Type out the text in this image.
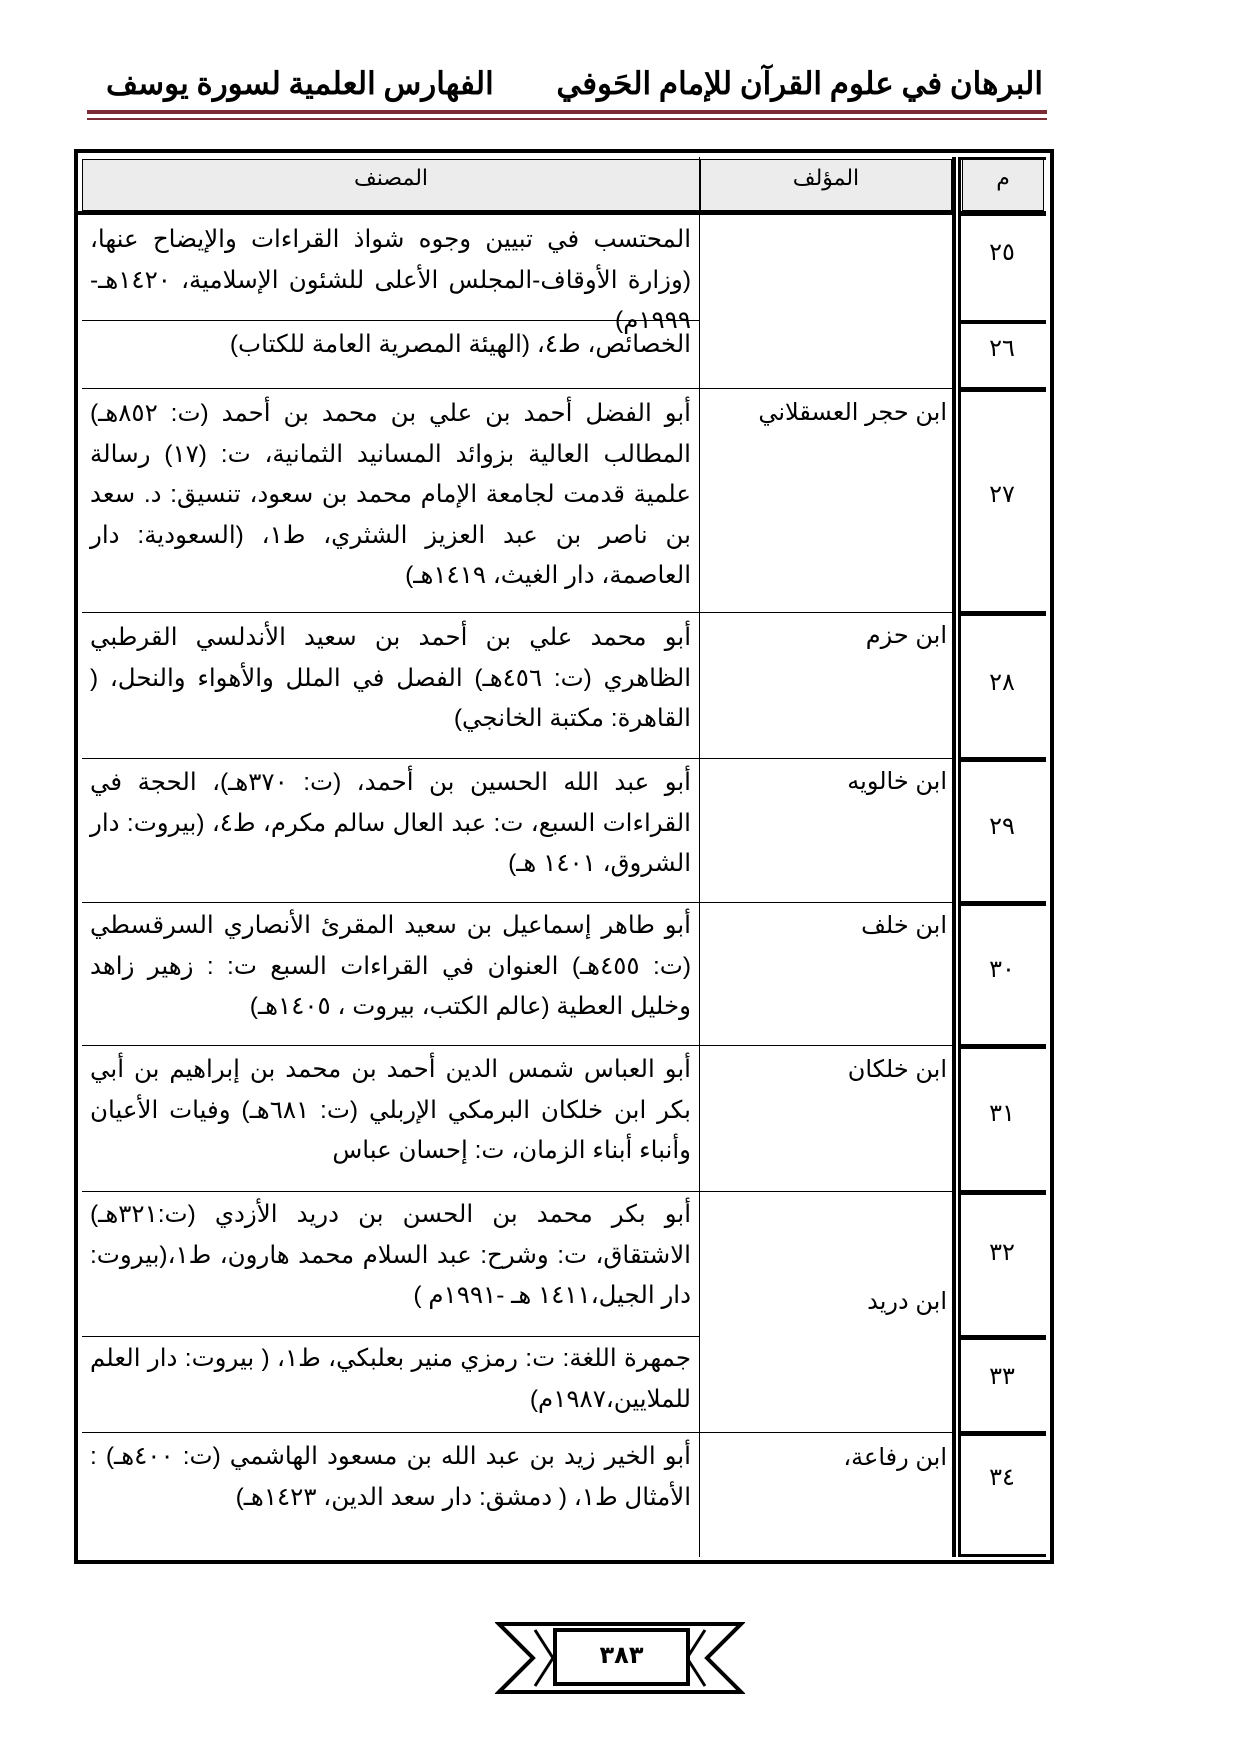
البرهان في علوم القرآن للإمام الحَوفي
الفهارس العلمية لسورة يوسف
م
المؤلف
المصنف
٢٥
المحتسب في تبيين وجوه شواذ القراءات والإيضاح عنها، (وزارة الأوقاف-المجلس الأعلى للشئون الإسلامية، ١٤٢٠هـ- ١٩٩٩م)
٢٦
الخصائص، ط٤، (الهيئة المصرية العامة للكتاب)
٢٧
ابن حجر العسقلاني
أبو الفضل أحمد بن علي بن محمد بن أحمد (ت: ٨٥٢هـ) المطالب العالية بزوائد المسانيد الثمانية، ت: (١٧) رسالة علمية قدمت لجامعة الإمام محمد بن سعود، تنسيق: د. سعد بن ناصر بن عبد العزيز الشثري، ط١، (السعودية: دار العاصمة، دار الغيث، ١٤١٩هـ)
٢٨
ابن حزم
أبو محمد علي بن أحمد بن سعيد الأندلسي القرطبي الظاهري (ت: ٤٥٦هـ) الفصل في الملل والأهواء والنحل، ( القاهرة: مكتبة الخانجي)
٢٩
ابن خالويه
أبو عبد الله الحسين بن أحمد، (ت: ٣٧٠هـ)، الحجة في القراءات السبع، ت: عبد العال سالم مكرم، ط٤، (بيروت: دار الشروق، ١٤٠١ هـ)
٣٠
ابن خلف
أبو طاهر إسماعيل بن سعيد المقرئ الأنصاري السرقسطي (ت: ٤٥٥هـ) العنوان في القراءات السبع ت: : زهير زاهد وخليل العطية (عالم الكتب، بيروت ، ١٤٠٥هـ)
٣١
ابن خلكان
أبو العباس شمس الدين أحمد بن محمد بن إبراهيم بن أبي بكر ابن خلكان البرمكي الإربلي (ت: ٦٨١هـ) وفيات الأعيان وأنباء أبناء الزمان، ت: إحسان عباس
٣٢
ابن دريد
أبو بكر محمد بن الحسن بن دريد الأزدي (ت:٣٢١هـ) الاشتقاق، ت: وشرح: عبد السلام محمد هارون، ط١،(بيروت: دار الجيل،١٤١١ هـ -١٩٩١م )
٣٣
جمهرة اللغة: ت: رمزي منير بعلبكي، ط١، ( بيروت: دار العلم للملايين،١٩٨٧م)
٣٤
ابن رفاعة،
أبو الخير زيد بن عبد الله بن مسعود الهاشمي (ت: ٤٠٠هـ) : الأمثال ط١، ( دمشق: دار سعد الدين، ١٤٢٣هـ)
٣٨٣
